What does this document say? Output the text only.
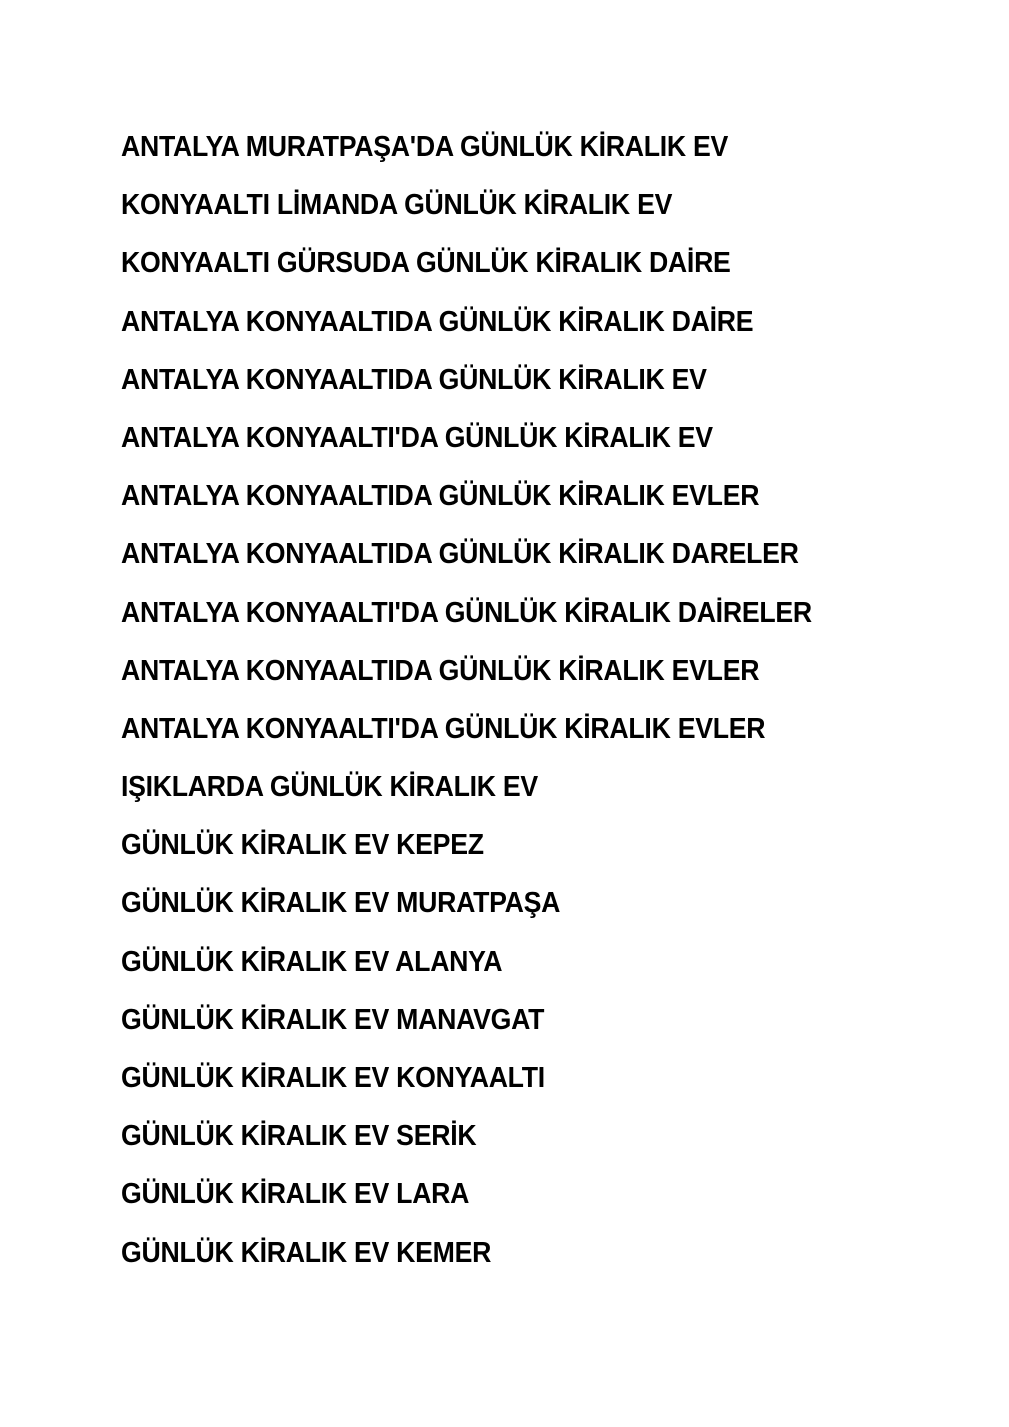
ANTALYA MURATPAŞA'DA GÜNLÜK KİRALIK EV
KONYAALTI LİMANDA GÜNLÜK KİRALIK EV
KONYAALTI GÜRSUDA GÜNLÜK KİRALIK DAİRE
ANTALYA KONYAALTIDA GÜNLÜK KİRALIK DAİRE
ANTALYA KONYAALTIDA GÜNLÜK KİRALIK EV
ANTALYA KONYAALTI'DA GÜNLÜK KİRALIK EV
ANTALYA KONYAALTIDA GÜNLÜK KİRALIK EVLER
ANTALYA KONYAALTIDA GÜNLÜK KİRALIK DARELER
ANTALYA KONYAALTI'DA GÜNLÜK KİRALIK DAİRELER
ANTALYA KONYAALTIDA GÜNLÜK KİRALIK EVLER
ANTALYA KONYAALTI'DA GÜNLÜK KİRALIK EVLER
IŞIKLARDA GÜNLÜK KİRALIK EV
GÜNLÜK KİRALIK EV KEPEZ
GÜNLÜK KİRALIK EV MURATPAŞA
GÜNLÜK KİRALIK EV ALANYA
GÜNLÜK KİRALIK EV MANAVGAT
GÜNLÜK KİRALIK EV KONYAALTI
GÜNLÜK KİRALIK EV SERİK
GÜNLÜK KİRALIK EV LARA
GÜNLÜK KİRALIK EV KEMER
